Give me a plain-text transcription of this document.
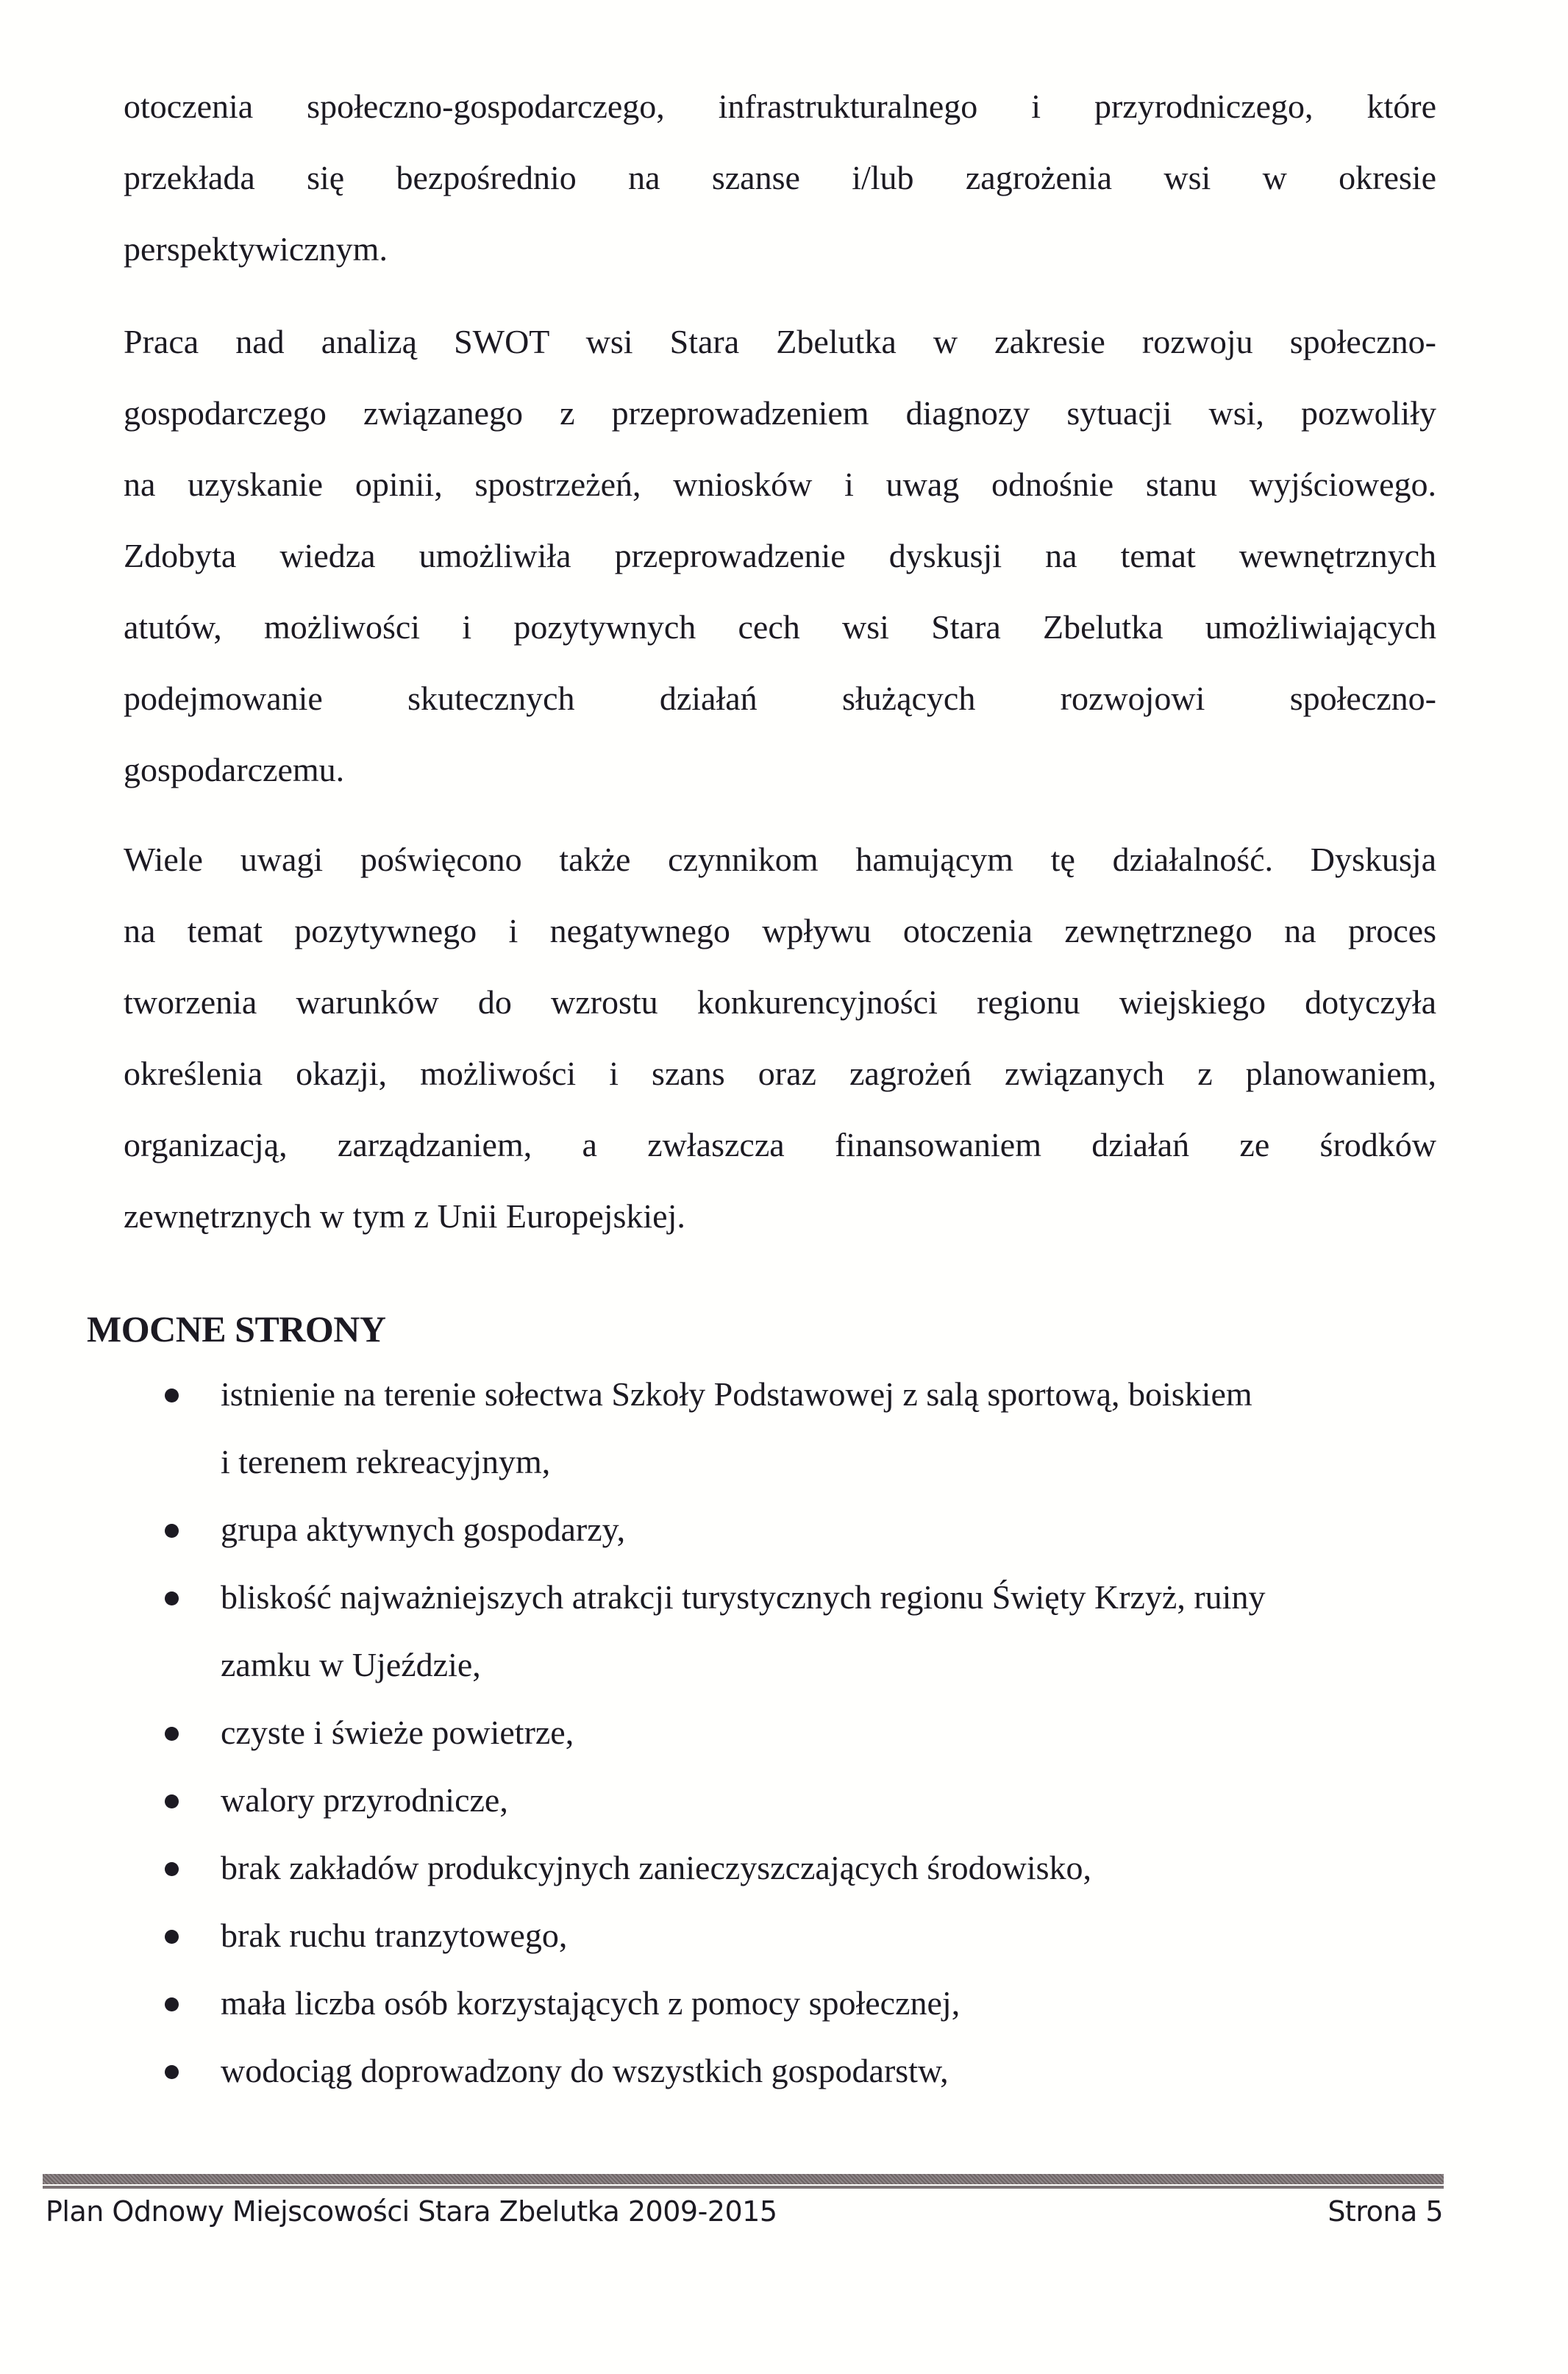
otoczenia społeczno-gospodarczego, infrastrukturalnego i przyrodniczego, które
przekłada się bezpośrednio na szanse i/lub zagrożenia wsi w okresie
perspektywicznym.
Praca nad analizą SWOT wsi Stara Zbelutka w zakresie rozwoju społeczno-
gospodarczego związanego z przeprowadzeniem diagnozy sytuacji wsi, pozwoliły
na uzyskanie opinii, spostrzeżeń, wniosków i uwag odnośnie stanu wyjściowego.
Zdobyta wiedza umożliwiła przeprowadzenie dyskusji na temat wewnętrznych
atutów, możliwości i pozytywnych cech wsi Stara Zbelutka umożliwiających
podejmowanie skutecznych działań służących rozwojowi społeczno-
gospodarczemu.
Wiele uwagi poświęcono także czynnikom hamującym tę działalność. Dyskusja
na temat pozytywnego i negatywnego wpływu otoczenia zewnętrznego na proces
tworzenia warunków do wzrostu konkurencyjności regionu wiejskiego dotyczyła
określenia okazji, możliwości i szans oraz zagrożeń związanych z planowaniem,
organizacją, zarządzaniem, a zwłaszcza finansowaniem działań ze środków
zewnętrznych w tym z Unii Europejskiej.
MOCNE STRONY
istnienie na terenie sołectwa Szkoły Podstawowej z salą sportową, boiskiem
i terenem rekreacyjnym,
grupa aktywnych gospodarzy,
bliskość najważniejszych atrakcji turystycznych regionu Święty Krzyż, ruiny
zamku w Ujeździe,
czyste i świeże powietrze,
walory przyrodnicze,
brak zakładów produkcyjnych zanieczyszczających środowisko,
brak ruchu tranzytowego,
mała liczba osób korzystających z pomocy społecznej,
wodociąg doprowadzony do wszystkich gospodarstw,
Plan Odnowy Miejscowości Stara Zbelutka 2009-2015	Strona 5
